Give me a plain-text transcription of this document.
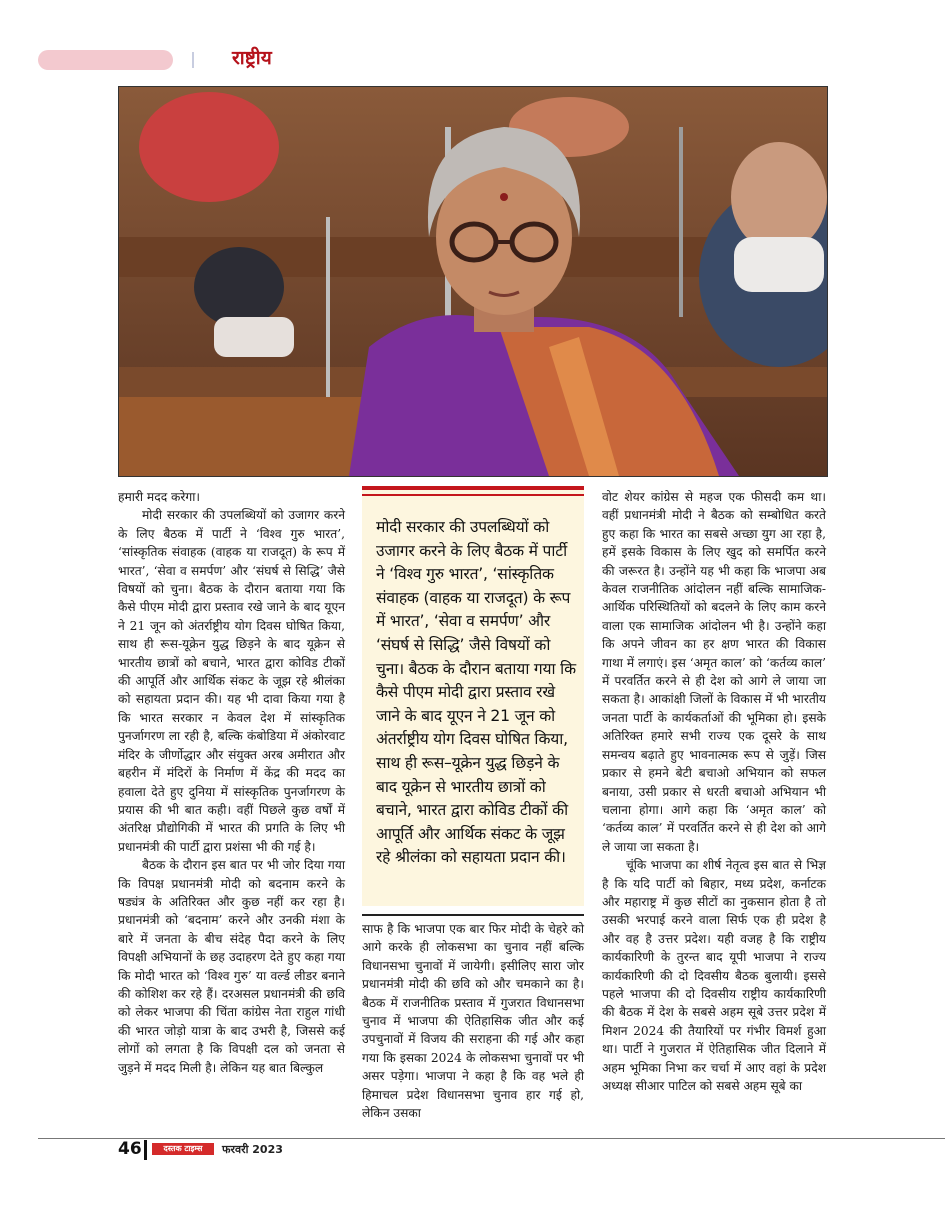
राष्ट्रीय

हमारी मदद करेगा।

मोदी सरकार की उपलब्धियों को उजागर करने के लिए बैठक में पार्टी ने ‘विश्व गुरु भारत’, ‘सांस्कृतिक संवाहक (वाहक या राजदूत) के रूप में भारत’, ‘सेवा व समर्पण’ और ‘संघर्ष से सिद्धि’ जैसे विषयों को चुना। बैठक के दौरान बताया गया कि कैसे पीएम मोदी द्वारा प्रस्ताव रखे जाने के बाद यूएन ने 21 जून को अंतर्राष्ट्रीय योग दिवस घोषित किया, साथ ही रूस-यूक्रेन युद्ध छिड़ने के बाद यूक्रेन से भारतीय छात्रों को बचाने, भारत द्वारा कोविड टीकों की आपूर्ति और आर्थिक संकट के जूझ रहे श्रीलंका को सहायता प्रदान की। यह भी दावा किया गया है कि भारत सरकार न केवल देश में सांस्कृतिक पुनर्जागरण ला रही है, बल्कि कंबोडिया में अंकोरवाट मंदिर के जीर्णोद्धार और संयुक्त अरब अमीरात और बहरीन में मंदिरों के निर्माण में केंद्र की मदद का हवाला देते हुए दुनिया में सांस्कृतिक पुनर्जागरण के प्रयास की भी बात कही। वहीं पिछले कुछ वर्षों में अंतरिक्ष प्रौद्योगिकी में भारत की प्रगति के लिए भी प्रधानमंत्री की पार्टी द्वारा प्रशंसा भी की गई है।

बैठक के दौरान इस बात पर भी जोर दिया गया कि विपक्ष प्रधानमंत्री मोदी को बदनाम करने के षड्यंत्र के अतिरिक्त और कुछ नहीं कर रहा है। प्रधानमंत्री को ‘बदनाम’ करने और उनकी मंशा के बारे में जनता के बीच संदेह पैदा करने के लिए विपक्षी अभियानों के छह उदाहरण देते हुए कहा गया कि मोदी भारत को ‘विश्व गुरु’ या वर्ल्ड लीडर बनाने की कोशिश कर रहे हैं। दरअसल प्रधानमंत्री की छवि को लेकर भाजपा की चिंता कांग्रेस नेता राहुल गांधी की भारत जोड़ो यात्रा के बाद उभरी है, जिससे कई लोगों को लगता है कि विपक्षी दल को जनता से जुड़ने में मदद मिली है। लेकिन यह बात बिल्कुल

मोदी सरकार की उपलब्धियों को उजागर करने के लिए बैठक में पार्टी ने ‘विश्व गुरु भारत’, ‘सांस्कृतिक संवाहक (वाहक या राजदूत) के रूप में भारत’, ‘सेवा व समर्पण’ और ‘संघर्ष से सिद्धि’ जैसे विषयों को चुना। बैठक के दौरान बताया गया कि कैसे पीएम मोदी द्वारा प्रस्ताव रखे जाने के बाद यूएन ने 21 जून को अंतर्राष्ट्रीय योग दिवस घोषित किया, साथ ही रूस–यूक्रेन युद्ध छिड़ने के बाद यूक्रेन से भारतीय छात्रों को बचाने, भारत द्वारा कोविड टीकों की आपूर्ति और आर्थिक संकट के जूझ रहे श्रीलंका को सहायता प्रदान की।
साफ है कि भाजपा एक बार फिर मोदी के चेहरे को आगे करके ही लोकसभा का चुनाव नहीं बल्कि विधानसभा चुनावों में जायेगी। इसीलिए सारा जोर प्रधानमंत्री मोदी की छवि को और चमकाने का है। बैठक में राजनीतिक प्रस्ताव में गुजरात विधानसभा चुनाव में भाजपा की ऐतिहासिक जीत और कई उपचुनावों में विजय की सराहना की गई और कहा गया कि इसका 2024 के लोकसभा चुनावों पर भी असर पड़ेगा। भाजपा ने कहा है कि वह भले ही हिमाचल प्रदेश विधानसभा चुनाव हार गई हो, लेकिन उसका

वोट शेयर कांग्रेस से महज एक फीसदी कम था। वहीं प्रधानमंत्री मोदी ने बैठक को सम्बोधित करते हुए कहा कि भारत का सबसे अच्छा युग आ रहा है, हमें इसके विकास के लिए खुद को समर्पित करने की जरूरत है। उन्होंने यह भी कहा कि भाजपा अब केवल राजनीतिक आंदोलन नहीं बल्कि सामाजिक- आर्थिक परिस्थितियों को बदलने के लिए काम करने वाला एक सामाजिक आंदोलन भी है। उन्होंने कहा कि अपने जीवन का हर क्षण भारत की विकास गाथा में लगाएं। इस ‘अमृत काल’ को ‘कर्तव्य काल’ में परवर्तित करने से ही देश को आगे ले जाया जा सकता है। आकांक्षी जिलों के विकास में भी भारतीय जनता पार्टी के कार्यकर्ताओं की भूमिका हो। इसके अतिरिक्त हमारे सभी राज्य एक दूसरे के साथ समन्वय बढ़ाते हुए भावनात्मक रूप से जुड़ें। जिस प्रकार से हमने बेटी बचाओ अभियान को सफल बनाया, उसी प्रकार से धरती बचाओ अभियान भी चलाना होगा। आगे कहा कि ‘अमृत काल’ को ‘कर्तव्य काल’ में परवर्तित करने से ही देश को आगे ले जाया जा सकता है।

चूंकि भाजपा का शीर्ष नेतृत्व इस बात से भिज्ञ है कि यदि पार्टी को बिहार, मध्य प्रदेश, कर्नाटक और महाराष्ट्र में कुछ सीटों का नुकसान होता है तो उसकी भरपाई करने वाला सिर्फ एक ही प्रदेश है और वह है उत्तर प्रदेश। यही वजह है कि राष्ट्रीय कार्यकारिणी के तुरन्त बाद यूपी भाजपा ने राज्य कार्यकारिणी की दो दिवसीय बैठक बुलायी। इससे पहले भाजपा की दो दिवसीय राष्ट्रीय कार्यकारिणी की बैठक में देश के सबसे अहम सूबे उत्तर प्रदेश में मिशन 2024 की तैयारियों पर गंभीर विमर्श हुआ था। पार्टी ने गुजरात में ऐतिहासिक जीत दिलाने में अहम भूमिका निभा कर चर्चा में आए वहां के प्रदेश अध्यक्ष सीआर पाटिल को सबसे अहम सूबे का

46	दस्तक टाइम्स	फरवरी 2023
